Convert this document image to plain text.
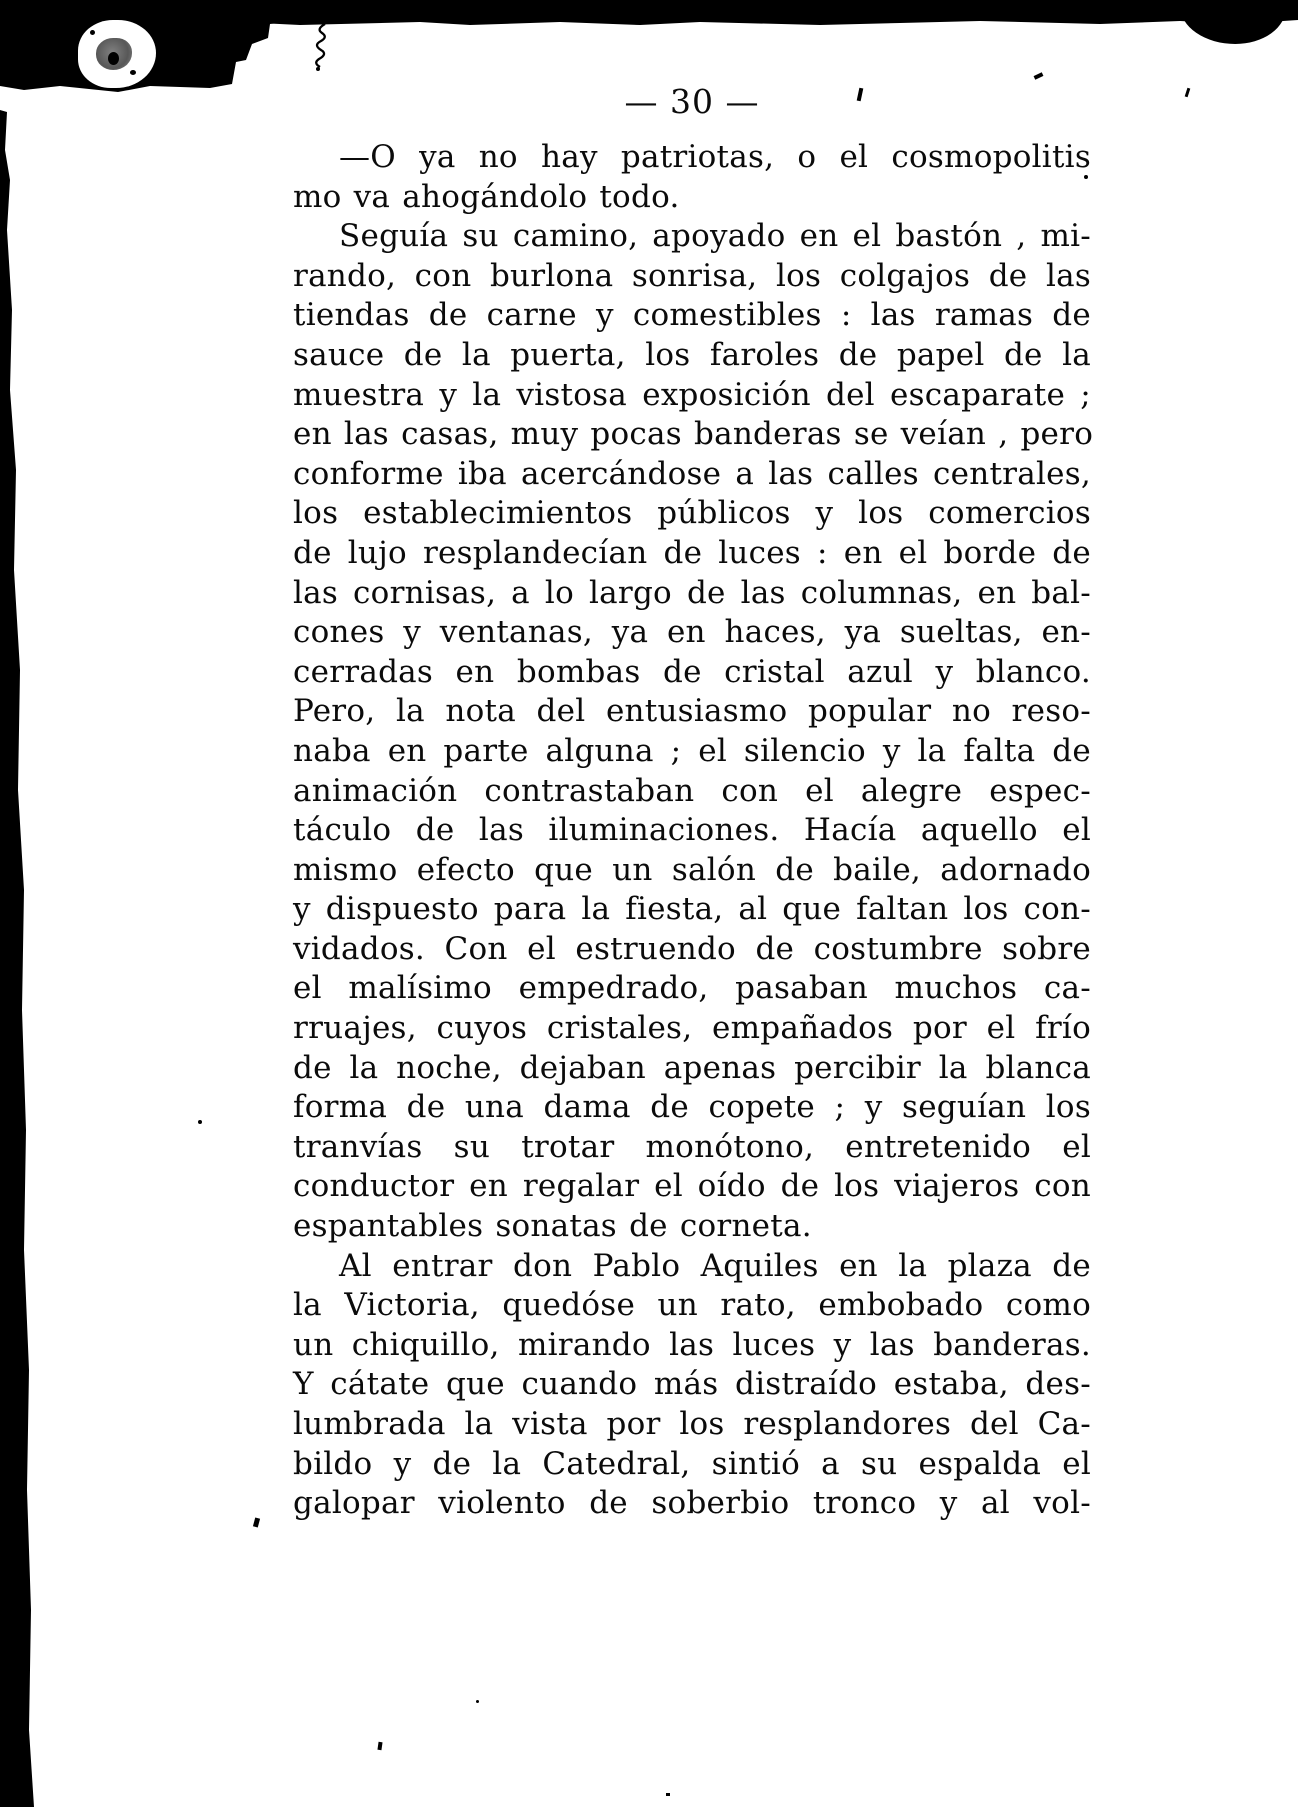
— 30 —
—O ya no hay patriotas, o el cosmopolitis
mo va ahogándolo todo.
Seguía su camino, apoyado en el bastón , mi-
rando, con burlona sonrisa, los colgajos de las
tiendas de carne y comestibles : las ramas de
sauce de la puerta, los faroles de papel de la
muestra y la vistosa exposición del escaparate ;
en las casas, muy pocas banderas se veían , pero
conforme iba acercándose a las calles centrales,
los establecimientos públicos y los comercios
de lujo resplandecían de luces : en el borde de
las cornisas, a lo largo de las columnas, en bal-
cones y ventanas, ya en haces, ya sueltas, en-
cerradas en bombas de cristal azul y blanco.
Pero, la nota del entusiasmo popular no reso-
naba en parte alguna ; el silencio y la falta de
animación contrastaban con el alegre espec-
táculo de las iluminaciones. Hacía aquello el
mismo efecto que un salón de baile, adornado
y dispuesto para la fiesta, al que faltan los con-
vidados. Con el estruendo de costumbre sobre
el malísimo empedrado, pasaban muchos ca-
rruajes, cuyos cristales, empañados por el frío
de la noche, dejaban apenas percibir la blanca
forma de una dama de copete ; y seguían los
tranvías su trotar monótono, entretenido el
conductor en regalar el oído de los viajeros con
espantables sonatas de corneta.
Al entrar don Pablo Aquiles en la plaza de
la Victoria, quedóse un rato, embobado como
un chiquillo, mirando las luces y las banderas.
Y cátate que cuando más distraído estaba, des-
lumbrada la vista por los resplandores del Ca-
bildo y de la Catedral, sintió a su espalda el
galopar violento de soberbio tronco y al vol-
